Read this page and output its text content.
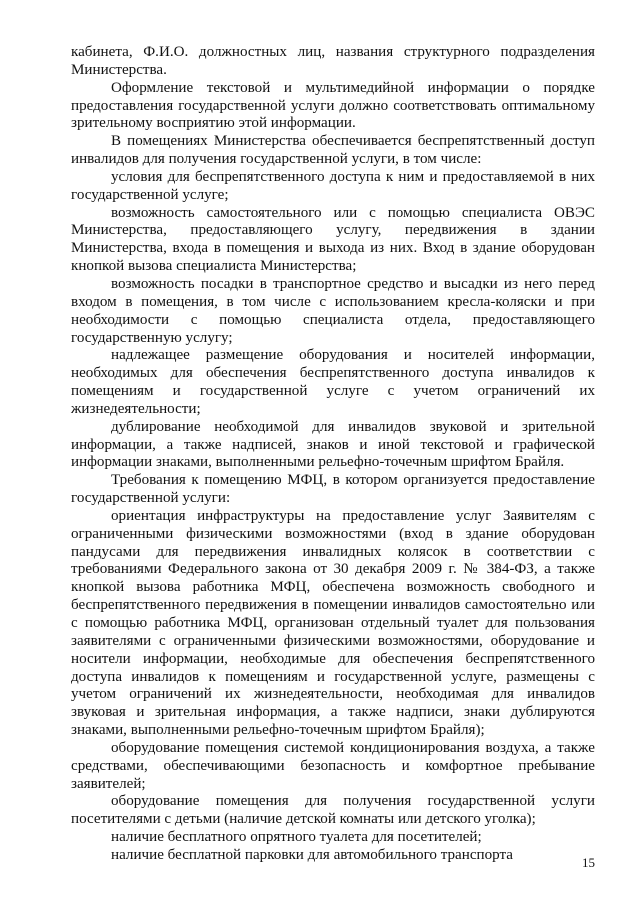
кабинета, Ф.И.О. должностных лиц, названия структурного подразделения Министерства.

Оформление текстовой и мультимедийной информации о порядке предоставления государственной услуги должно соответствовать оптимальному зрительному восприятию этой информации.

В помещениях Министерства обеспечивается беспрепятственный доступ инвалидов для получения государственной услуги, в том числе:

условия для беспрепятственного доступа к ним и предоставляемой в них государственной услуге;

возможность самостоятельного или с помощью специалиста ОВЭС Министерства, предоставляющего услугу, передвижения в здании Министерства, входа в помещения и выхода из них. Вход в здание оборудован кнопкой вызова специалиста Министерства;

возможность посадки в транспортное средство и высадки из него перед входом в помещения, в том числе с использованием кресла-коляски и при необходимости с помощью специалиста отдела, предоставляющего государственную услугу;

надлежащее размещение оборудования и носителей информации, необходимых для обеспечения беспрепятственного доступа инвалидов к помещениям и государственной услуге с учетом ограничений их жизнедеятельности;

дублирование необходимой для инвалидов звуковой и зрительной информации, а также надписей, знаков и иной текстовой и графической информации знаками, выполненными рельефно-точечным шрифтом Брайля.

Требования к помещению МФЦ, в котором организуется предоставление государственной услуги:

ориентация инфраструктуры на предоставление услуг Заявителям с ограниченными физическими возможностями (вход в здание оборудован пандусами для передвижения инвалидных колясок в соответствии с требованиями Федерального закона от 30 декабря 2009 г. № 384-ФЗ, а также кнопкой вызова работника МФЦ, обеспечена возможность свободного и беспрепятственного передвижения в помещении инвалидов самостоятельно или с помощью работника МФЦ, организован отдельный туалет для пользования заявителями с ограниченными физическими возможностями, оборудование и носители информации, необходимые для обеспечения беспрепятственного доступа инвалидов к помещениям и государственной услуге, размещены с учетом ограничений их жизнедеятельности, необходимая для инвалидов звуковая и зрительная информация, а также надписи, знаки дублируются знаками, выполненными рельефно-точечным шрифтом Брайля);

оборудование помещения системой кондиционирования воздуха, а также средствами, обеспечивающими безопасность и комфортное пребывание заявителей;

оборудование помещения для получения государственной услуги посетителями с детьми (наличие детской комнаты или детского уголка);

наличие бесплатного опрятного туалета для посетителей;

наличие бесплатной парковки для автомобильного транспорта	15
